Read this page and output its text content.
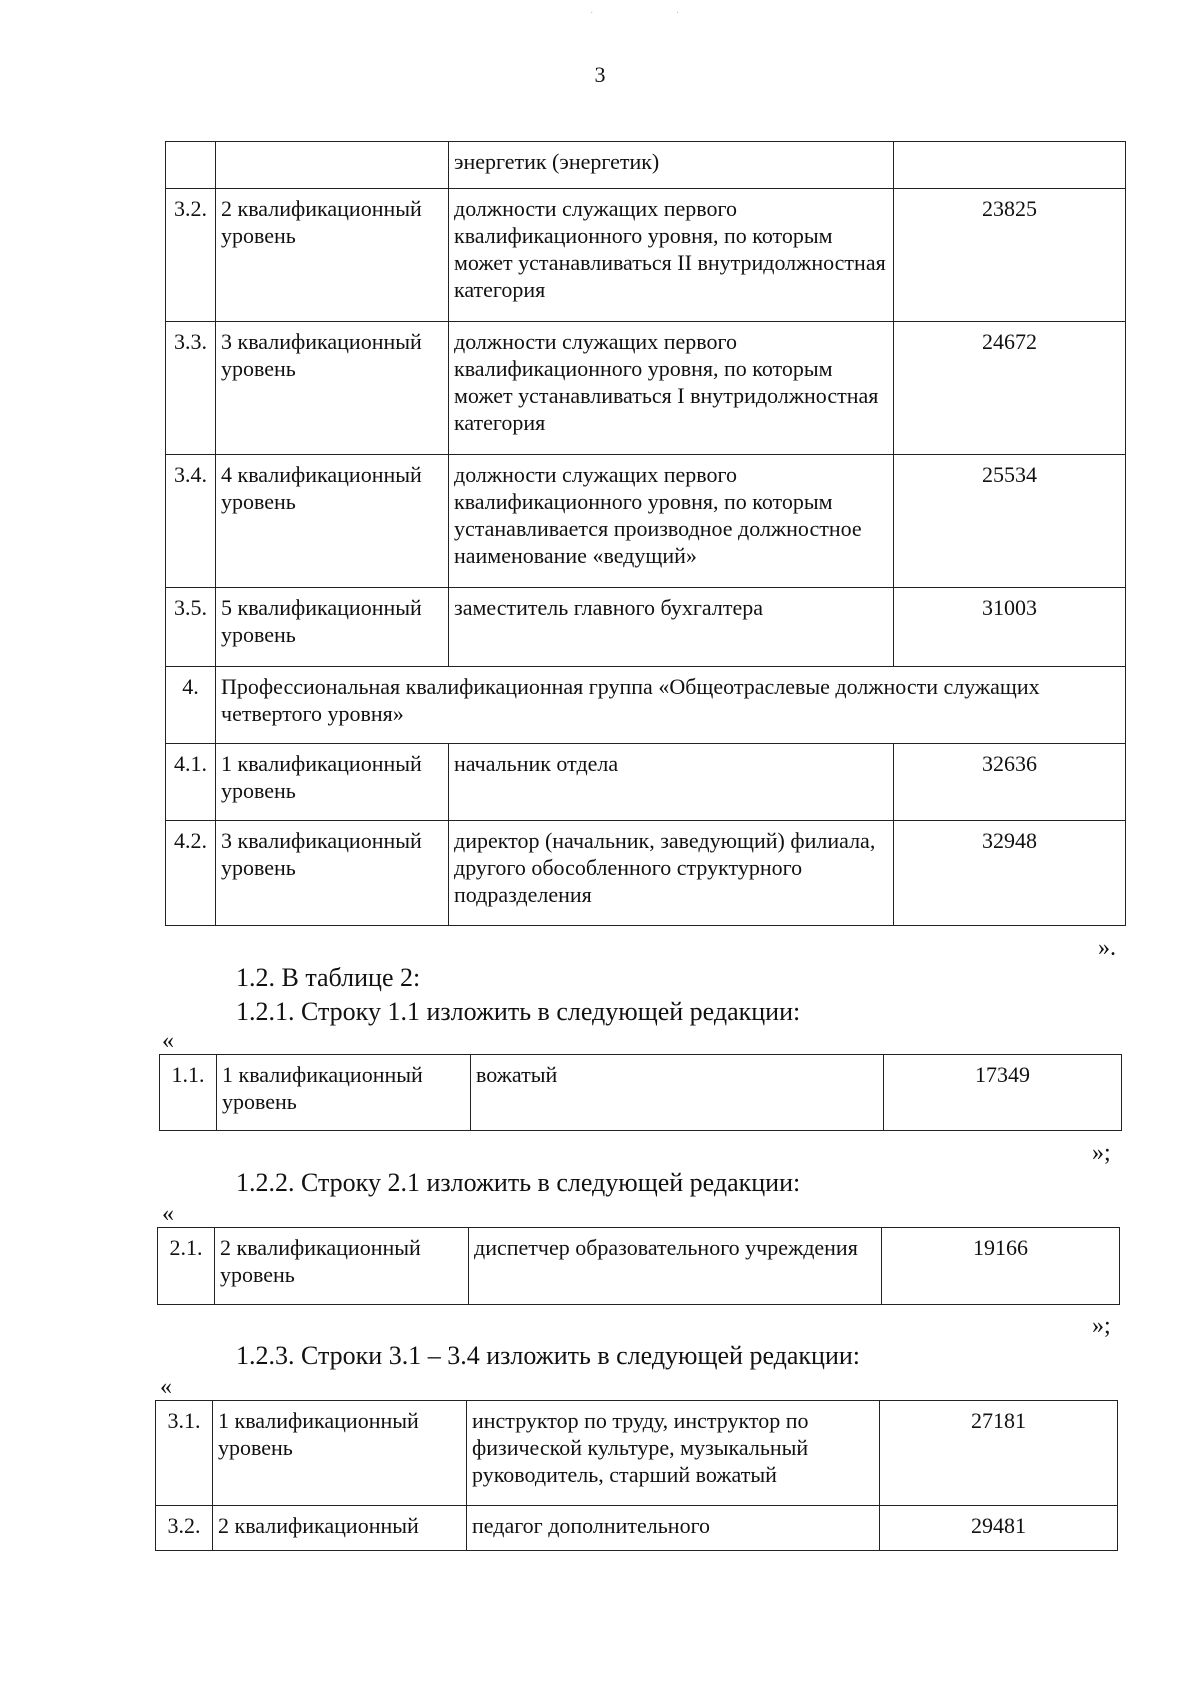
· ·
3
		энергетик (энергетик)	
3.2.	2 квалификационный уровень	должности служащих первого квалификационного уровня, по которым может устанавливаться II внутридолжностная категория	23825
3.3.	3 квалификационный уровень	должности служащих первого квалификационного уровня, по которым может устанавливаться I внутридолжностная категория	24672
3.4.	4 квалификационный уровень	должности служащих первого квалификационного уровня, по которым устанавливается производное должностное наименование «ведущий»	25534
3.5.	5 квалификационный уровень	заместитель главного бухгалтера	31003
4.	Профессиональная квалификационная группа «Общеотраслевые должности служащих четвертого уровня»		
4.1.	1 квалификационный уровень	начальник отдела	32636
4.2.	3 квалификационный уровень	директор (начальник, заведующий) филиала, другого обособленного структурного подразделения	32948
».
1.2. В таблице 2:
1.2.1. Строку 1.1 изложить в следующей редакции:
«
1.1.	1 квалификационный уровень	вожатый	17349
»;
1.2.2. Строку 2.1 изложить в следующей редакции:
«
2.1.	2 квалификационный уровень	диспетчер образовательного учреждения	19166
»;
1.2.3. Строки 3.1 – 3.4 изложить в следующей редакции:
«
3.1.	1 квалификационный уровень	инструктор по труду, инструктор по физической культуре, музыкальный руководитель, старший вожатый	27181
3.2.	2 квалификационный	педагог дополнительного	29481
